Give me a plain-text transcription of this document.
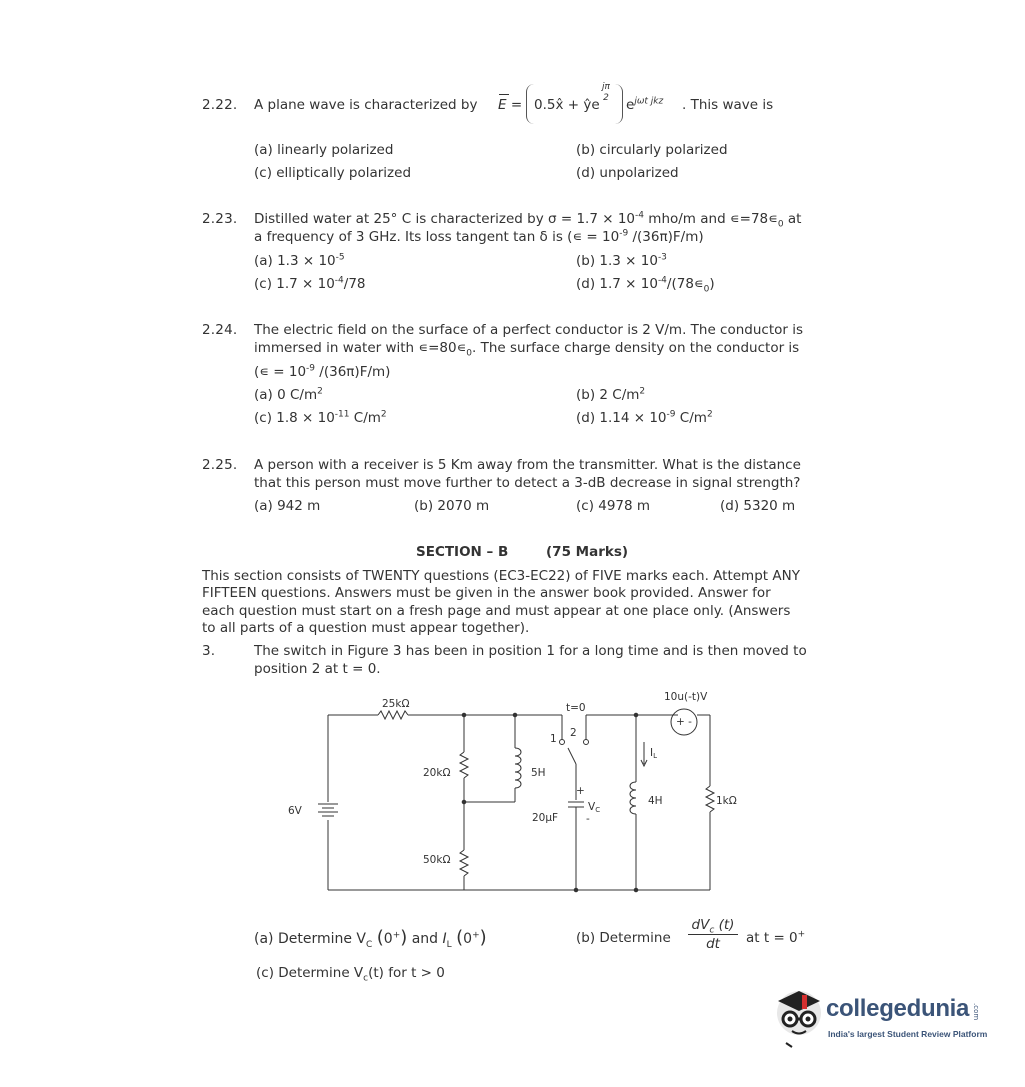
2.22. A plane wave is characterized by E = 0.5x̂ + ŷe
jπ
2	$e^{j\omega t jkz}$ . This wave is
(a) linearly polarized	(b) circularly polarized
(c) elliptically polarized	(d) unpolarized
2.23. Distilled water at 25° C is characterized by $\sigma = 1.7 \times 10^{-4}$ mho/m and $∊=78∊_0$ at
a frequency of 3 GHz. Its loss tangent tan δ is (∊ = $10^{-9}$ /(36π)F/m)
(a) $1.3 \times 10^{-5}$	(b) $1.3 \times 10^{-3}$
(c) $1.7 \times 10^{-4}/78$	(d) $1.7 \times 10^{-4}/(78∊_0)$
2.24. The electric field on the surface of a perfect conductor is 2 V/m. The conductor is
immersed in water with $∊=80∊_0$. The surface charge density on the conductor is
(∊ = $10^{-9}$ /(36π)F/m)
(a) 0 $C/m^2$	(b) 2 $C/m^2$
(c) $1.8 \times 10^{-11}$ $C/m^2$	(d) $1.14 \times 10^{-9}$ $C/m^2$
2.25. A person with a receiver is 5 Km away from the transmitter. What is the distance
that this person must move further to detect a 3-dB decrease in signal strength?
(a) 942 m	(b) 2070 m	(c) 4978 m	(d) 5320 m
SECTION – B	(75 Marks)
This section consists of TWENTY questions (EC3-EC22) of FIVE marks each. Attempt ANY
FIFTEEN questions. Answers must be given in the answer book provided. Answer for
each question must start on a fresh page and must appear at one place only. (Answers
to all parts of a question must appear together).
3.	The switch in Figure 3 has been in position 1 for a long time and is then moved to
position 2 at t = 0.
25kΩ
20kΩ
50kΩ
5H
4H
20μF
VC
+
-
6V
t=0
1 2
IL
10u(-t)V
+ -
1kΩ
(a) Determine $V_C$ (0+) and $I_L$ (0+)	(b) Determine
$dV_c$ (t)
dt	at t = 0+
(c) Determine $V_c(t)$ for t > 0
collegedunia .com
India's largest Student Review Platform
